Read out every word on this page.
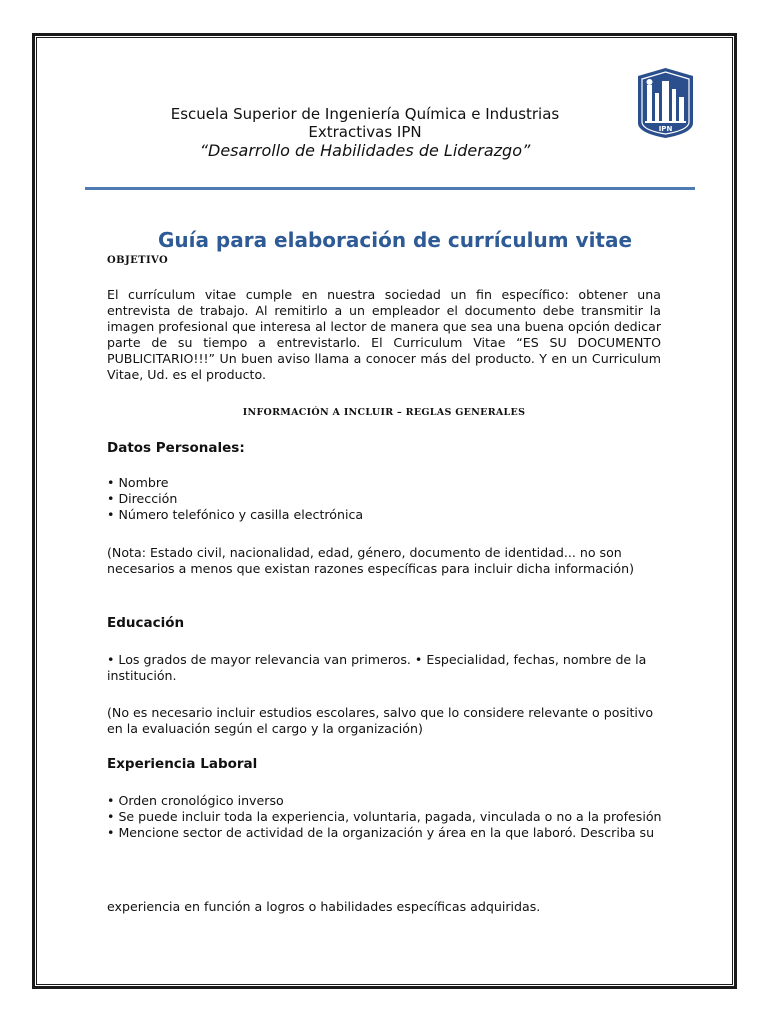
Escuela Superior de Ingeniería Química e Industrias
Extractivas IPN
“Desarrollo de Habilidades de Liderazgo”
IPN
Guía para elaboración de currículum vitae
OBJETIVO
El currículum vitae cumple en nuestra sociedad un fin específico: obtener una entrevista de trabajo. Al remitirlo a un empleador el documento debe transmitir la imagen profesional que interesa al lector de manera que sea una buena opción dedicar parte de su tiempo a entrevistarlo. El Curriculum Vitae “ES SU DOCUMENTO PUBLICITARIO!!!” Un buen aviso llama a conocer más del producto. Y en un Curriculum Vitae, Ud. es el producto.
INFORMACIÓN A INCLUIR – REGLAS GENERALES
Datos Personales:
• Nombre
• Dirección
• Número telefónico y casilla electrónica
(Nota: Estado civil, nacionalidad, edad, género, documento de identidad... no son necesarios a menos que existan razones específicas para incluir dicha información)
Educación
• Los grados de mayor relevancia van primeros. • Especialidad, fechas, nombre de la institución.
(No es necesario incluir estudios escolares, salvo que lo considere relevante o positivo en la evaluación según el cargo y la organización)
Experiencia Laboral
• Orden cronológico inverso
• Se puede incluir toda la experiencia, voluntaria, pagada, vinculada o no a la profesión
• Mencione sector de actividad de la organización y área en la que laboró. Describa su
experiencia en función a logros o habilidades específicas adquiridas.
